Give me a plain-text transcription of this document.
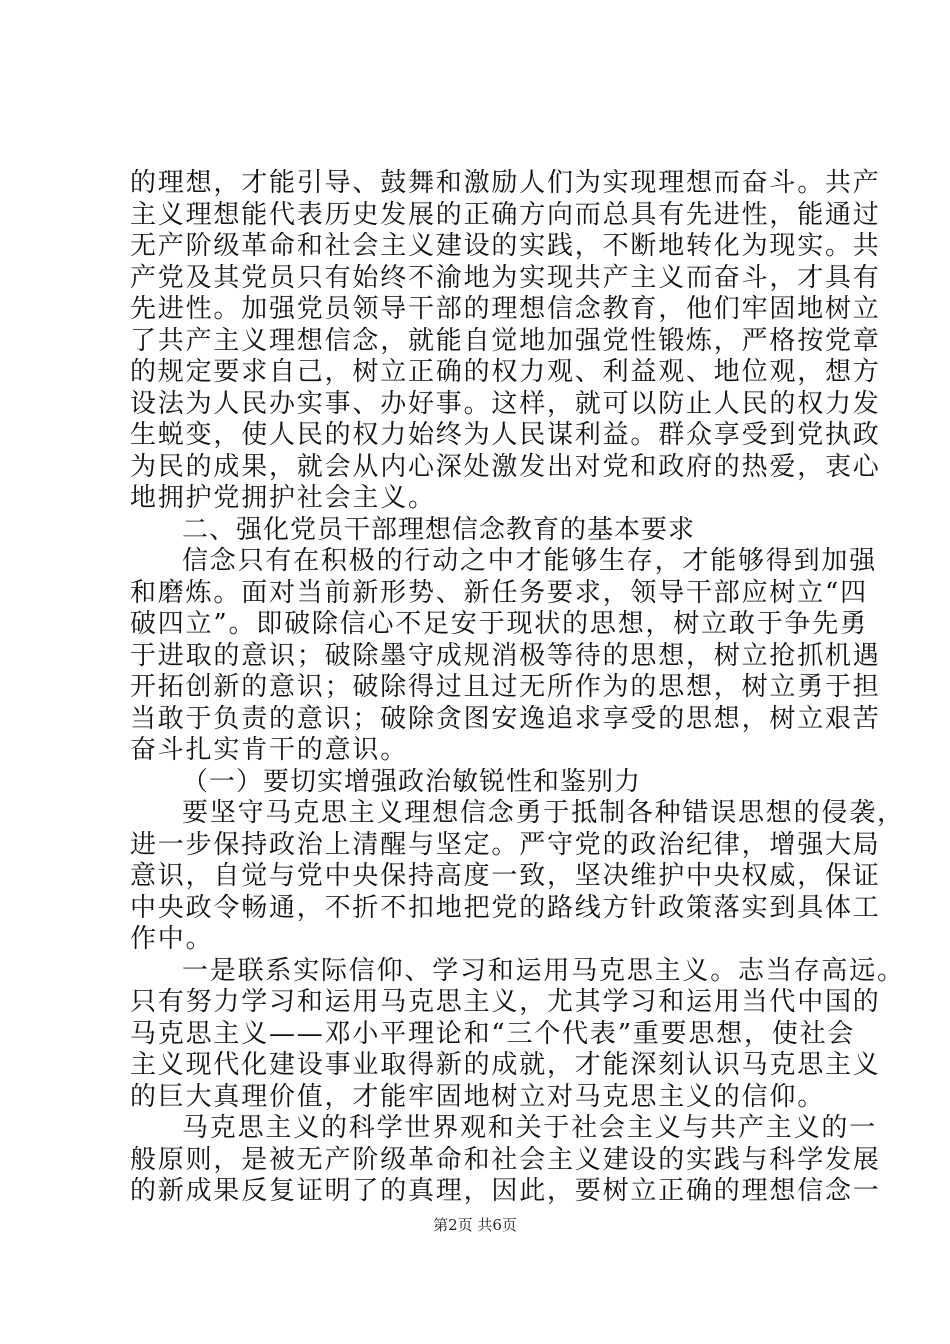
的理想，才能引导、鼓舞和激励人们为实现理想而奋斗。共产
主义理想能代表历史发展的正确方向而总具有先进性，能通过
无产阶级革命和社会主义建设的实践，不断地转化为现实。共
产党及其党员只有始终不渝地为实现共产主义而奋斗，才具有
先进性。加强党员领导干部的理想信念教育，他们牢固地树立
了共产主义理想信念，就能自觉地加强党性锻炼，严格按党章
的规定要求自己，树立正确的权力观、利益观、地位观，想方
设法为人民办实事、办好事。这样，就可以防止人民的权力发
生蜕变，使人民的权力始终为人民谋利益。群众享受到党执政
为民的成果，就会从内心深处激发出对党和政府的热爱，衷心
地拥护党拥护社会主义。
二、强化党员干部理想信念教育的基本要求
信念只有在积极的行动之中才能够生存，才能够得到加强
和磨炼。面对当前新形势、新任务要求，领导干部应树立“四
破四立”。即破除信心不足安于现状的思想，树立敢于争先勇
于进取的意识；破除墨守成规消极等待的思想，树立抢抓机遇
开拓创新的意识；破除得过且过无所作为的思想，树立勇于担
当敢于负责的意识；破除贪图安逸追求享受的思想，树立艰苦
奋斗扎实肯干的意识。
（一）要切实增强政治敏锐性和鉴别力
要坚守马克思主义理想信念勇于抵制各种错误思想的侵袭，
进一步保持政治上清醒与坚定。严守党的政治纪律，增强大局
意识，自觉与党中央保持高度一致，坚决维护中央权威，保证
中央政令畅通，不折不扣地把党的路线方针政策落实到具体工
作中。
一是联系实际信仰、学习和运用马克思主义。志当存高远。
只有努力学习和运用马克思主义，尤其学习和运用当代中国的
马克思主义——邓小平理论和“三个代表”重要思想，使社会
主义现代化建设事业取得新的成就，才能深刻认识马克思主义
的巨大真理价值，才能牢固地树立对马克思主义的信仰。
马克思主义的科学世界观和关于社会主义与共产主义的一
般原则，是被无产阶级革命和社会主义建设的实践与科学发展
的新成果反复证明了的真理，因此，要树立正确的理想信念一
第2页 共6页
